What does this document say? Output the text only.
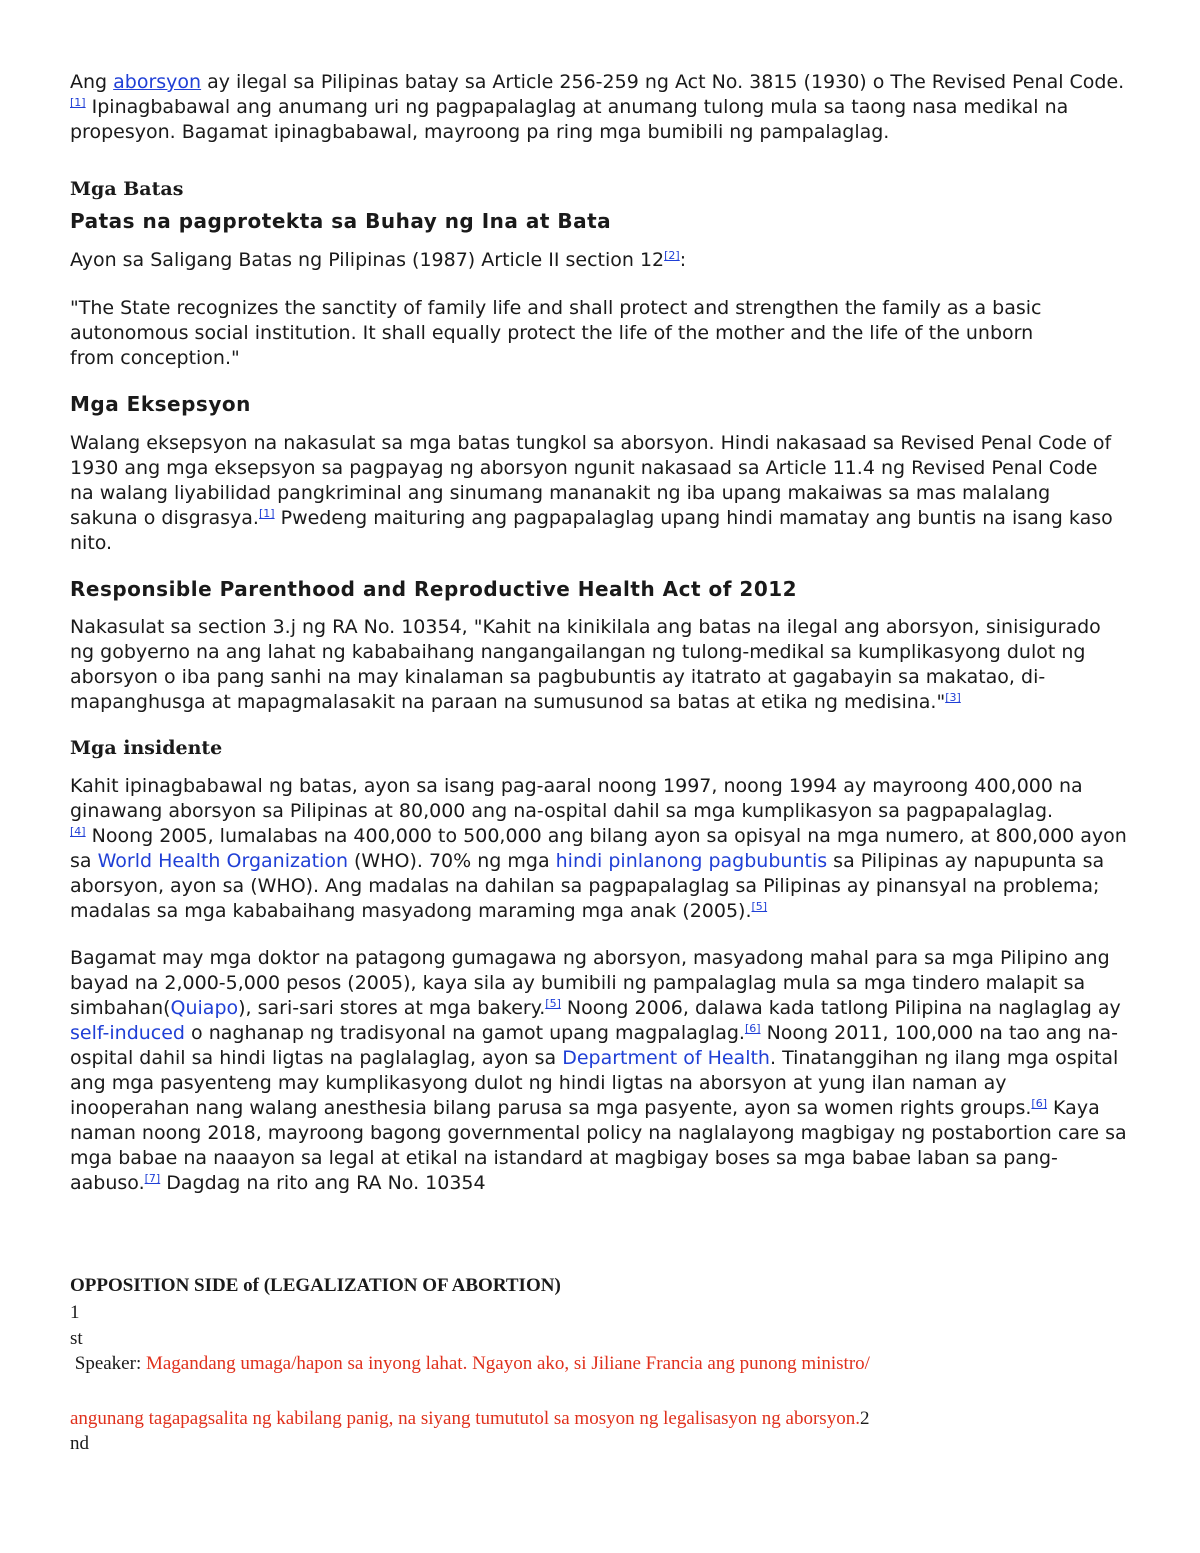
Ang aborsyon ay ilegal sa Pilipinas batay sa Article 256-259 ng Act No. 3815 (1930) o The Revised Penal Code.[1] Ipinagbabawal ang anumang uri ng pagpapalaglag at anumang tulong mula sa taong nasa medikal na propesyon. Bagamat ipinagbabawal, mayroong pa ring mga bumibili ng pampalaglag.

Mga Batas
Patas na pagprotekta sa Buhay ng Ina at Bata

Ayon sa Saligang Batas ng Pilipinas (1987) Article II section 12[2]:

"The State recognizes the sanctity of family life and shall protect and strengthen the family as a basic autonomous social institution. It shall equally protect the life of the mother and the life of the unborn from conception."

Mga Eksepsyon

Walang eksepsyon na nakasulat sa mga batas tungkol sa aborsyon. Hindi nakasaad sa Revised Penal Code of 1930 ang mga eksepsyon sa pagpayag ng aborsyon ngunit nakasaad sa Article 11.4 ng Revised Penal Code na walang liyabilidad pangkriminal ang sinumang mananakit ng iba upang makaiwas sa mas malalang sakuna o disgrasya.[1] Pwedeng maituring ang pagpapalaglag upang hindi mamatay ang buntis na isang kaso nito.

Responsible Parenthood and Reproductive Health Act of 2012

Nakasulat sa section 3.j ng RA No. 10354, "Kahit na kinikilala ang batas na ilegal ang aborsyon, sinisigurado ng gobyerno na ang lahat ng kababaihang nangangailangan ng tulong-medikal sa kumplikasyong dulot ng aborsyon o iba pang sanhi na may kinalaman sa pagbubuntis ay itatrato at gagabayin sa makatao, di-mapanghusga at mapagmalasakit na paraan na sumusunod sa batas at etika ng medisina."[3]

Mga insidente

Kahit ipinagbabawal ng batas, ayon sa isang pag-aaral noong 1997, noong 1994 ay mayroong 400,000 na ginawang aborsyon sa Pilipinas at 80,000 ang na-ospital dahil sa mga kumplikasyon sa pagpapalaglag.
[4] Noong 2005, lumalabas na 400,000 to 500,000 ang bilang ayon sa opisyal na mga numero, at 800,000 ayon sa World Health Organization (WHO). 70% ng mga hindi pinlanong pagbubuntis sa Pilipinas ay napupunta sa aborsyon, ayon sa (WHO). Ang madalas na dahilan sa pagpapalaglag sa Pilipinas ay pinansyal na problema; madalas sa mga kababaihang masyadong maraming mga anak (2005).[5]

Bagamat may mga doktor na patagong gumagawa ng aborsyon, masyadong mahal para sa mga Pilipino ang bayad na 2,000-5,000 pesos (2005), kaya sila ay bumibili ng pampalaglag mula sa mga tindero malapit sa simbahan(Quiapo), sari-sari stores at mga bakery.[5] Noong 2006, dalawa kada tatlong Pilipina na naglaglag ay self-induced o naghanap ng tradisyonal na gamot upang magpalaglag.[6] Noong 2011, 100,000 na tao ang na-ospital dahil sa hindi ligtas na paglalaglag, ayon sa Department of Health. Tinatanggihan ng ilang mga ospital ang mga pasyenteng may kumplikasyong dulot ng hindi ligtas na aborsyon at yung ilan naman ay inooperahan nang walang anesthesia bilang parusa sa mga pasyente, ayon sa women rights groups.[6] Kaya naman noong 2018, mayroong bagong governmental policy na naglalayong magbigay ng postabortion care sa mga babae na naaayon sa legal at etikal na istandard at magbigay boses sa mga babae laban sa pang-aabuso.[7] Dagdag na rito ang RA No. 10354

OPPOSITION SIDE of (LEGALIZATION OF ABORTION)
1
st
Speaker: Magandang umaga/hapon sa inyong lahat. Ngayon ako, si Jiliane Francia ang punong ministro/
angunang tagapagsalita ng kabilang panig, na siyang tumututol sa mosyon ng legalisasyon ng aborsyon.2
nd
